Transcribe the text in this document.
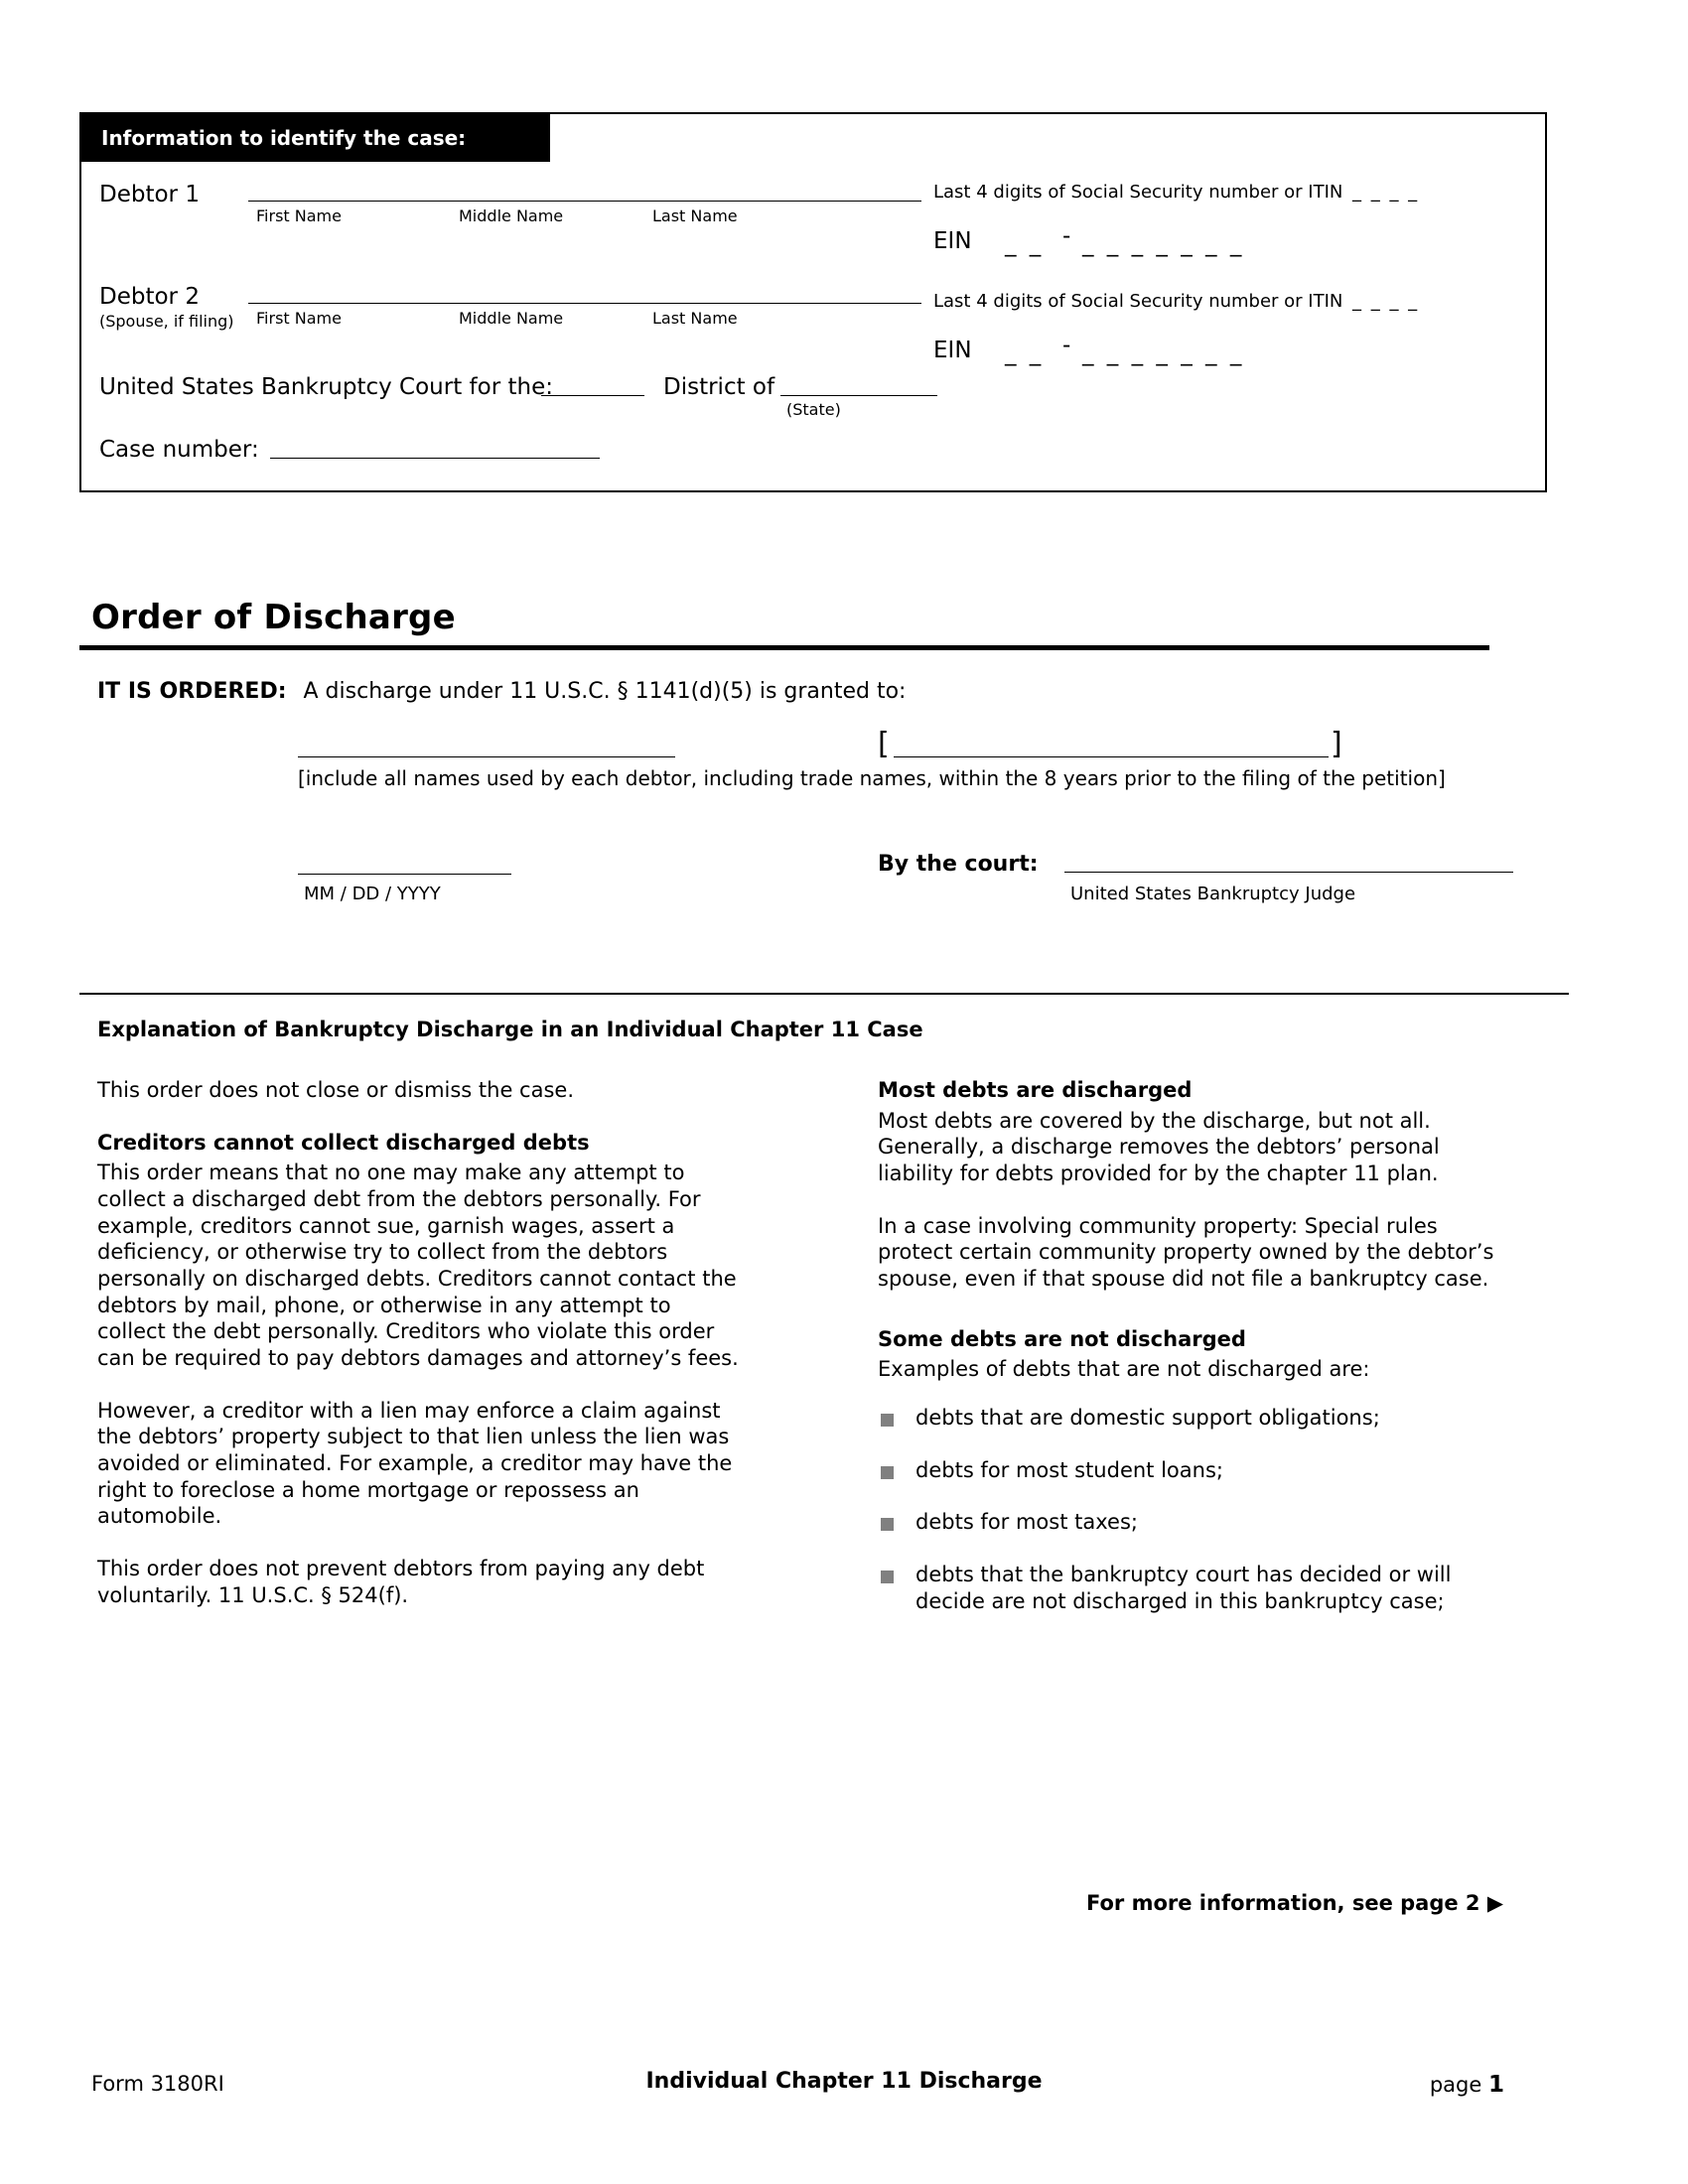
Information to identify the case:
Debtor 1
First Name	Middle Name	Last Name
Last 4 digits of Social Security number or ITIN _ _ _ _
EIN _ _ - _ _ _ _ _ _ _
Debtor 2
(Spouse, if filing) First Name	Middle Name	Last Name
Last 4 digits of Social Security number or ITIN _ _ _ _
EIN _ _ - _ _ _ _ _ _ _
United States Bankruptcy Court for the:	District of
(State)
Case number:
Order of Discharge
IT IS ORDERED: A discharge under 11 U.S.C. § 1141(d)(5) is granted to:
[	]
[include all names used by each debtor, including trade names, within the 8 years prior to the filing of the petition]
MM / DD / YYYY
By the court:
United States Bankruptcy Judge
Explanation of Bankruptcy Discharge in an Individual Chapter 11 Case

This order does not close or dismiss the case.

Creditors cannot collect discharged debts

This order means that no one may make any attempt to collect a discharged debt from the debtors personally. For example, creditors cannot sue, garnish wages, assert a deficiency, or otherwise try to collect from the debtors personally on discharged debts. Creditors cannot contact the debtors by mail, phone, or otherwise in any attempt to collect the debt personally. Creditors who violate this order can be required to pay debtors damages and attorney’s fees.

However, a creditor with a lien may enforce a claim against the debtors’ property subject to that lien unless the lien was avoided or eliminated. For example, a creditor may have the right to foreclose a home mortgage or repossess an automobile.

This order does not prevent debtors from paying any debt voluntarily. 11 U.S.C. § 524(f).

Most debts are discharged

Most debts are covered by the discharge, but not all. Generally, a discharge removes the debtors’ personal liability for debts provided for by the chapter 11 plan.

In a case involving community property: Special rules protect certain community property owned by the debtor’s spouse, even if that spouse did not file a bankruptcy case.

Some debts are not discharged

Examples of debts that are not discharged are:

debts that are domestic support obligations;
debts for most student loans;
debts for most taxes;
debts that the bankruptcy court has decided or will decide are not discharged in this bankruptcy case;
For more information, see page 2 ▶
Form 3180RI	Individual Chapter 11 Discharge	page 1
